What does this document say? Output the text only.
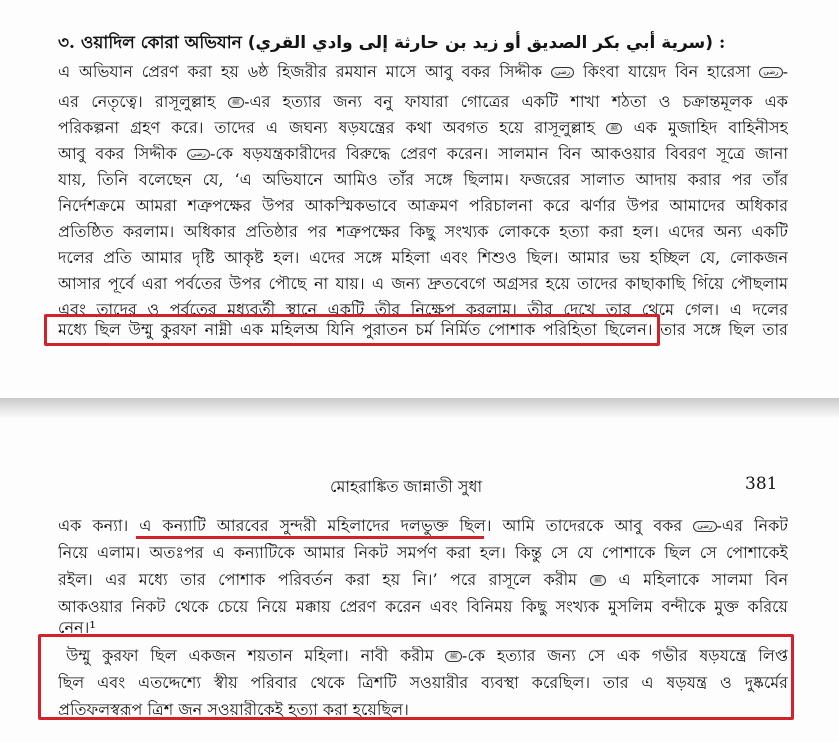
৩. ওয়াদিল কোরা অভিযান (سرية أبي بكر الصديق أو زيد بن حارثة إلى وادي القري) :
এ অভিযান প্রেরণ করা হয় ৬ষ্ঠ হিজরীর রমযান মাসে আবু বকর সিদ্দীক رضي কিংবা যায়েদ বিন হারেসা رضي -
এর নেতৃত্বে। রাসূলুল্লাহ ﷺ -এর হত্যার জন্য বনু ফাযারা গোত্রের একটি শাখা শঠতা ও চক্রান্তমূলক এক
পরিকল্পনা গ্রহণ করে। তাদের এ জঘন্য ষড়যন্ত্রের কথা অবগত হয়ে রাসূলুল্লাহ ﷺ এক মুজাহিদ বাহিনীসহ
আবু বকর সিদ্দীক رضي -কে ষড়যন্ত্রকারীদের বিরুদ্ধে প্রেরণ করেন। সালমান বিন আকওয়ার বিবরণ সূত্রে জানা
যায়, তিনি বলেছেন যে, ‘এ অভিযানে আমিও তাঁর সঙ্গে ছিলাম। ফজরের সালাত আদায় করার পর তাঁর
নির্দেশক্রমে আমরা শত্রুপক্ষের উপর আকস্মিকভাবে আক্রমণ পরিচালনা করে ঝর্ণার উপর আমাদের অধিকার
প্রতিষ্ঠিত করলাম। অধিকার প্রতিষ্ঠার পর শত্রুপক্ষের কিছু সংখ্যক লোককে হত্যা করা হল। এদের অন্য একটি
দলের প্রতি আমার দৃষ্টি আকৃষ্ট হল। এদের সঙ্গে মহিলা এবং শিশুও ছিল। আমার ভয় হচ্ছিল যে, লোকজন
আসার পূর্বে এরা পর্বতের উপর পৌছে না যায়। এ জন্য দ্রুতবেগে অগ্রসর হয়ে তাদের কাছাকাছি গিঁয়ে পৌছলাম
এবং তাদের ও পর্বতের মধ্যবর্তী স্থানে একটি তীর নিক্ষেপ করলাম। তীর দেখে তার থেমে গেল। এ দলের
মধ্যে ছিল উম্মু কুরফা নাম্নী এক মহিলঅ যিনি পুরাতন চর্ম নির্মিত পোশাক পরিহিতা ছিলেন। তার সঙ্গে ছিল তার
মোহরাঙ্কিত জান্নাতী সুধা	381
এক কন্যা। এ কন্যাটি আরবের সুন্দরী মহিলাদের দলভুক্ত ছিল। আমি তাদেরকে আবু বকর رضي -এর নিকট
নিয়ে এলাম। অতঃপর এ কন্যাটিকে আমার নিকট সমর্পণ করা হল। কিন্তু সে যে পোশাকে ছিল সে পোশাকেই
রইল। এর মধ্যে তার পোশাক পরিবর্তন করা হয় নি।’ পরে রাসূলে করীম ﷺ এ মহিলাকে সালমা বিন
আকওয়ার নিকট থেকে চেয়ে নিয়ে মক্কায় প্রেরণ করেন এবং বিনিময় কিছু সংখ্যক মুসলিম বন্দীকে মুক্ত করিয়ে
নেন।¹
উম্মু কুরফা ছিল একজন শয়তান মহিলা। নাবী করীম ﷺ -কে হত্যার জন্য সে এক গভীর ষড়যন্ত্রে লিপ্ত
ছিল এবং এতদ্দেশ্যে স্বীয় পরিবার থেকে ত্রিশটি সওয়ারীর ব্যবস্থা করেছিল। তার এ ষড়যন্ত্র ও দুষ্কর্মের
প্রতিফলস্বরূপ ত্রিশ জন সওয়ারীকেই হত্যা করা হয়েছিল।
